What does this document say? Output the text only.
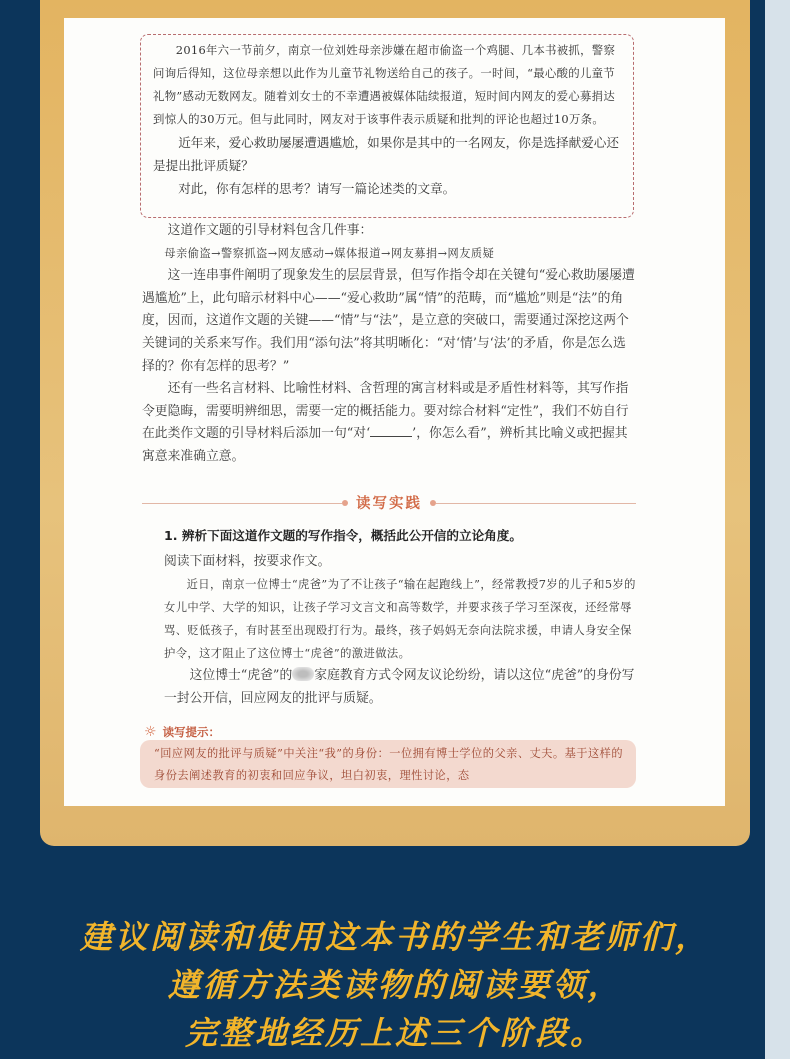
2016年六一节前夕，南京一位刘姓母亲涉嫌在超市偷盗一个鸡腿、几本书被抓，警察问询后得知，这位母亲想以此作为儿童节礼物送给自己的孩子。一时间，“最心酸的儿童节礼物”感动无数网友。随着刘女士的不幸遭遇被媒体陆续报道，短时间内网友的爱心募捐达到惊人的30万元。但与此同时，网友对于该事件表示质疑和批判的评论也超过10万条。

近年来，爱心救助屡屡遭遇尴尬，如果你是其中的一名网友，你是选择献爱心还是提出批评质疑？

对此，你有怎样的思考？请写一篇论述类的文章。

这道作文题的引导材料包含几件事：

母亲偷盗→警察抓盗→网友感动→媒体报道→网友募捐→网友质疑

这一连串事件阐明了现象发生的层层背景，但写作指令却在关键句“爱心救助屡屡遭遇尴尬”上，此句暗示材料中心——“爱心救助”属“情”的范畴，而“尴尬”则是“法”的角度，因而，这道作文题的关键——“情”与“法”，是立意的突破口，需要通过深挖这两个关键词的关系来写作。我们用“添句法”将其明晰化：“对‘情’与‘法’的矛盾，你是怎么选择的？你有怎样的思考？”

还有一些名言材料、比喻性材料、含哲理的寓言材料或是矛盾性材料等，其写作指令更隐晦，需要明辨细思，需要一定的概括能力。要对综合材料“定性”，我们不妨自行在此类作文题的引导材料后添加一句“对‘	’，你怎么看”，辨析其比喻义或把握其寓意来准确立意。

读写实践

1. 辨析下面这道作文题的写作指令，概括此公开信的立论角度。

阅读下面材料，按要求作文。

近日，南京一位博士“虎爸”为了不让孩子“输在起跑线上”，经常教授7岁的儿子和5岁的女儿中学、大学的知识，让孩子学习文言文和高等数学，并要求孩子学习至深夜，还经常辱骂、贬低孩子，有时甚至出现殴打行为。最终，孩子妈妈无奈向法院求援，申请人身安全保护令，这才阻止了这位博士“虎爸”的激进做法。

这位博士“虎爸”的 家庭教育方式令网友议论纷纷，请以这位“虎爸”的身份写一封公开信，回应网友的批评与质疑。

☼ 读写提示：

“回应网友的批评与质疑”中关注“我”的身份：一位拥有博士学位的父亲、丈夫。基于这样的身份去阐述教育的初衷和回应争议，坦白初衷，理性讨论，态

建议阅读和使用这本书的学生和老师们，
遵循方法类读物的阅读要领，
完整地经历上述三个阶段。
